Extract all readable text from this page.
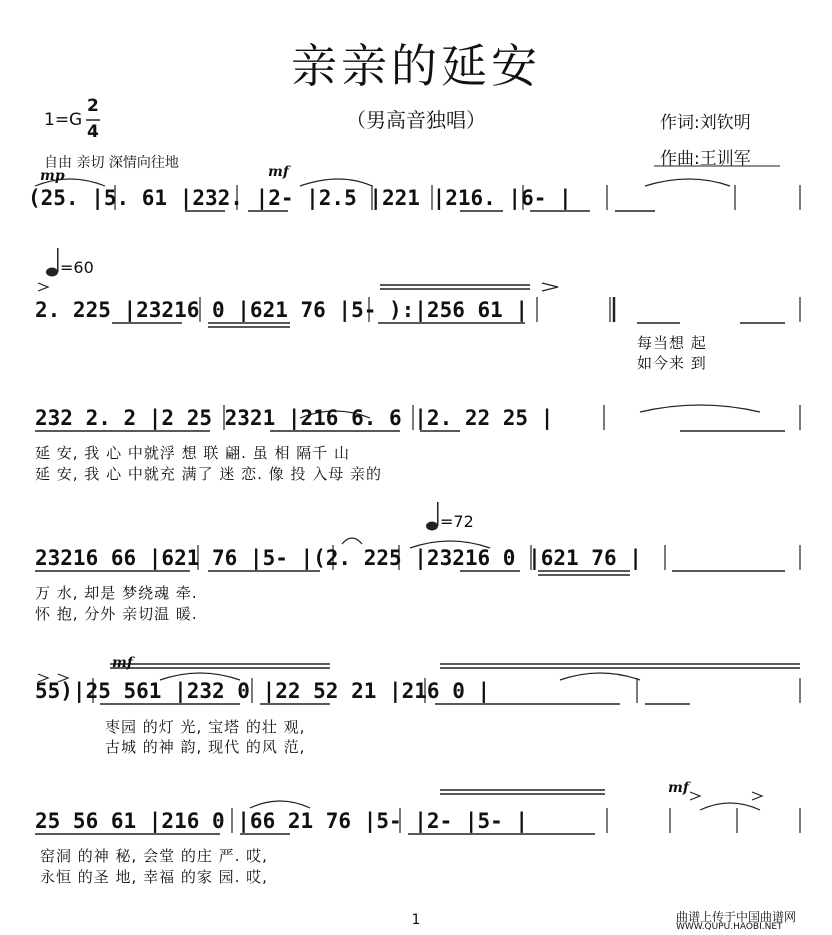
亲亲的延安
（男高音独唱）	作词:刘钦明
作曲:王训军
1=G
2
4
自由 亲切 深情向往地
mp	mf
mf
mf
=60
=72
(25. |5. 61 |232. |2- |2.5 |221 |216. |6- |
2. 225 |23216 0 |621 76 |5- ):|256 61 |
每当想 起
如今来 到
232 2. 2 |2 25 2321 |216 6. 6 |2. 22 25 |
延 安, 我 心 中就浮 想 联 翩. 虽 相 隔千 山
延 安, 我 心 中就充 满了 迷 恋. 像 投 入母 亲的
23216 66 |621 76 |5- |(2. 225 |23216 0 |621 76 |
万 水, 却是 梦绕魂 牵.
怀 抱, 分外 亲切温 暖.
55)|25 561 |232 0 |22 52 21 |216 0 |
枣园 的灯 光, 宝塔 的壮 观,
古城 的神 韵, 现代 的风 范,
25 56 61 |216 0 |66 21 76 |5- |2- |5- |
窑洞 的神 秘, 会堂 的庄 严. 哎,
永恒 的圣 地, 幸福 的家 园. 哎,
1	曲谱上传于中国曲谱网
WWW.QUPU.HAOBI.NET
